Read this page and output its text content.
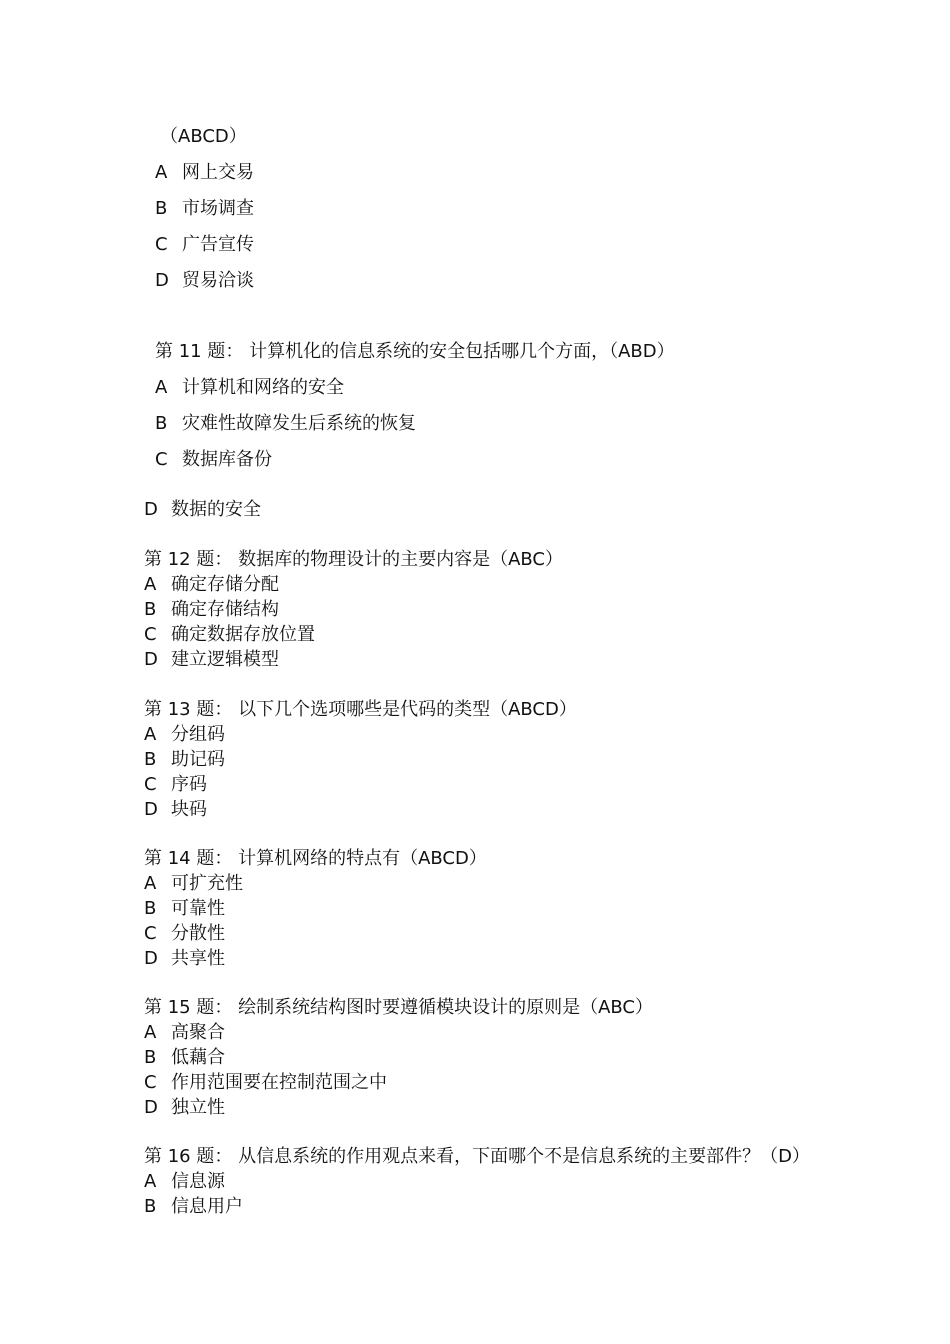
（ABCD）
A 网上交易
B 市场调查
C 广告宣传
D 贸易洽谈
第 11 题： 计算机化的信息系统的安全包括哪几个方面，（ABD）
A 计算机和网络的安全
B 灾难性故障发生后系统的恢复
C 数据库备份
D 数据的安全
第 12 题： 数据库的物理设计的主要内容是（ABC）
A 确定存储分配
B 确定存储结构
C 确定数据存放位置
D 建立逻辑模型
第 13 题： 以下几个选项哪些是代码的类型（ABCD）
A 分组码
B 助记码
C 序码
D 块码
第 14 题： 计算机网络的特点有（ABCD）
A 可扩充性
B 可靠性
C 分散性
D 共享性
第 15 题： 绘制系统结构图时要遵循模块设计的原则是（ABC）
A 高聚合
B 低藕合
C 作用范围要在控制范围之中
D 独立性
第 16 题： 从信息系统的作用观点来看，下面哪个不是信息系统的主要部件？（D）
A 信息源
B 信息用户
